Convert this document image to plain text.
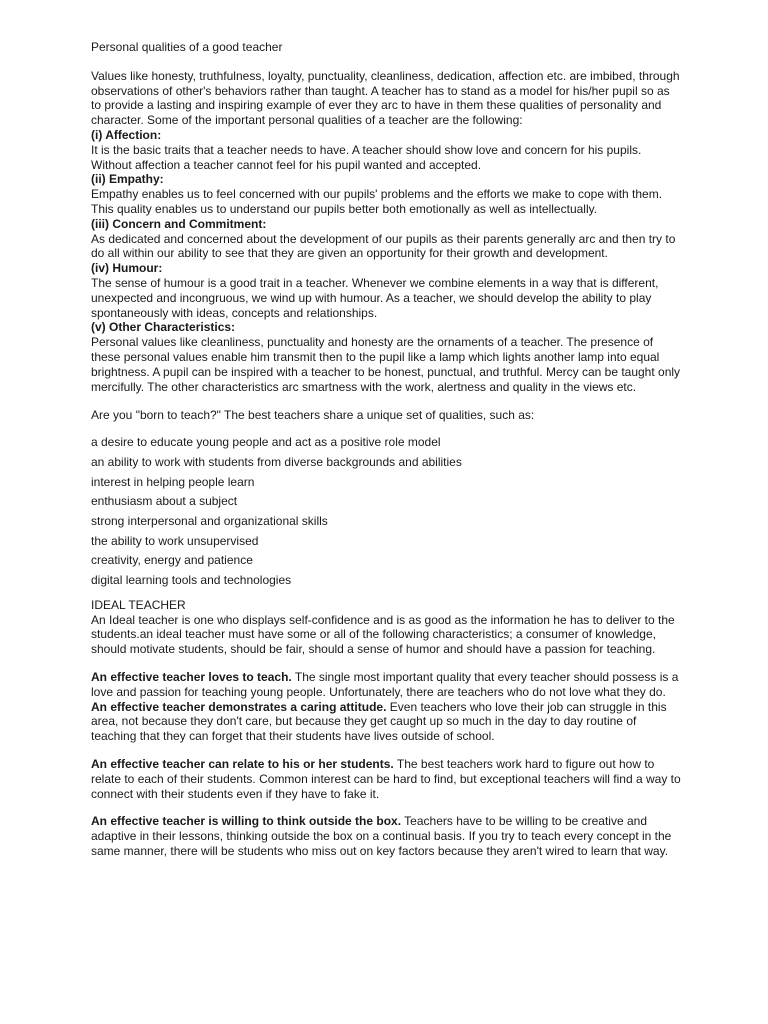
Personal qualities of a good teacher

Values like honesty, truthfulness, loyalty, punctuality, cleanliness, dedication, affection etc. are imbibed, through observations of other's behaviors rather than taught. A teacher has to stand as a model for his/her pupil so as to provide a lasting and inspiring example of ever they arc to have in them these qualities of personality and character. Some of the important personal qualities of a teacher are the following:

(i) Affection:

It is the basic traits that a teacher needs to have. A teacher should show love and concern for his pupils. Without affection a teacher cannot feel for his pupil wanted and accepted.

(ii) Empathy:

Empathy enables us to feel concerned with our pupils' problems and the efforts we make to cope with them. This quality enables us to understand our pupils better both emotionally as well as intellectually.

(iii) Concern and Commitment:

As dedicated and concerned about the development of our pupils as their parents generally arc and then try to do all within our ability to see that they are given an opportunity for their growth and development.

(iv) Humour:

The sense of humour is a good trait in a teacher. Whenever we combine elements in a way that is different, unexpected and incongruous, we wind up with humour. As a teacher, we should develop the ability to play spontaneously with ideas, concepts and relationships.

(v) Other Characteristics:

Personal values like cleanliness, punctuality and honesty are the ornaments of a teacher. The presence of these personal values enable him transmit then to the pupil like a lamp which lights another lamp into equal brightness. A pupil can be inspired with a teacher to be honest, punctual, and truthful. Mercy can be taught only mercifully. The other characteristics arc smartness with the work, alertness and quality in the views etc.

Are you "born to teach?" The best teachers share a unique set of qualities, such as:

a desire to educate young people and act as a positive role model

an ability to work with students from diverse backgrounds and abilities

interest in helping people learn

enthusiasm about a subject

strong interpersonal and organizational skills

the ability to work unsupervised

creativity, energy and patience

digital learning tools and technologies

IDEAL TEACHER

An Ideal teacher is one who displays self-confidence and is as good as the information he has to deliver to the students.an ideal teacher must have some or all of the following characteristics; a consumer of knowledge, should motivate students, should be fair, should a sense of humor and should have a passion for teaching.

An effective teacher loves to teach. The single most important quality that every teacher should possess is a love and passion for teaching young people. Unfortunately, there are teachers who do not love what they do.

An effective teacher demonstrates a caring attitude. Even teachers who love their job can struggle in this area, not because they don't care, but because they get caught up so much in the day to day routine of teaching that they can forget that their students have lives outside of school.

An effective teacher can relate to his or her students. The best teachers work hard to figure out how to relate to each of their students. Common interest can be hard to find, but exceptional teachers will find a way to connect with their students even if they have to fake it.

An effective teacher is willing to think outside the box. Teachers have to be willing to be creative and adaptive in their lessons, thinking outside the box on a continual basis. If you try to teach every concept in the same manner, there will be students who miss out on key factors because they aren't wired to learn that way.
